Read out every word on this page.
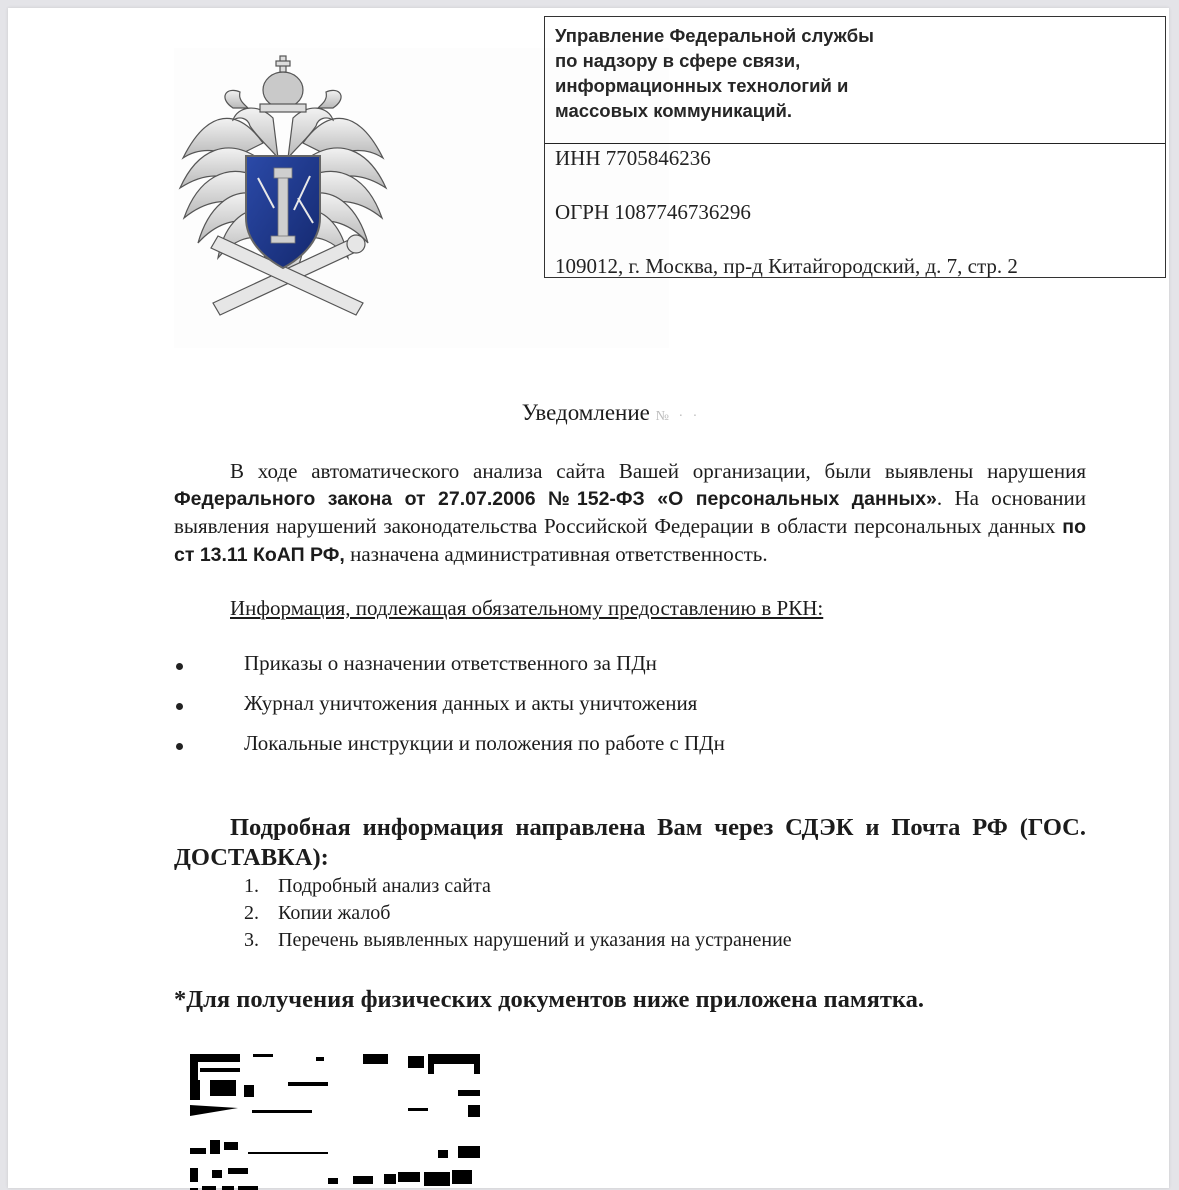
Управление Федеральной службы
по надзору в сфере связи,
информационных технологий и
массовых коммуникаций.
ИНН 7705846236
ОГРН 1087746736296
109012, г. Москва, пр-д Китайгородский, д. 7, стр. 2
Уведомление № · ·
В ходе автоматического анализа сайта Вашей организации, были выявлены нарушения Федерального закона от 27.07.2006 №152-ФЗ «О персональных данных». На основании выявления нарушений законодательства Российской Федерации в области персональных данных по ст 13.11 КоАП РФ, назначена административная ответственность.
Информация, подлежащая обязательному предоставлению в РКН:
Приказы о назначении ответственного за ПДн
Журнал уничтожения данных и акты уничтожения
Локальные инструкции и положения по работе с ПДн
Подробная информация направлена Вам через СДЭК и Почта РФ (ГОС. ДОСТАВКА):
1. Подробный анализ сайта
2. Копии жалоб
3. Перечень выявленных нарушений и указания на устранение
*Для получения физических документов ниже приложена памятка.
